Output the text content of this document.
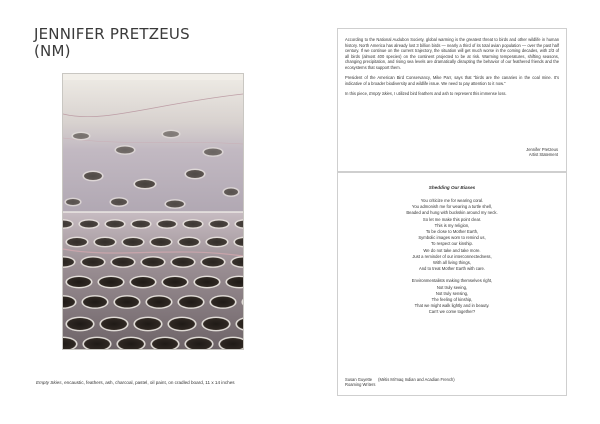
JENNIFER PRETZEUS
(NM)
Empty Skies, encaustic, feathers, ash, charcoal, pastel, oil paint, on cradled board, 11 x 14 inches

According to the National Audubon Society, global warming is the greatest threat to birds and other wildlife in human history. North America has already lost 3 billion birds — nearly a third of its total avian population — over the past half century. If we continue on the current trajectory, the situation will get much worse in the coming decades, with 2/3 of all birds (almost 400 species) on the continent projected to be at risk. Warming temperatures, shifting seasons, changing precipitation, and rising sea levels are dramatically disrupting the behavior of our feathered friends and the ecosystems that support them.

President of the American Bird Conservancy, Mike Parr, says that "birds are the canaries in the coal mine. It's indicative of a broader biodiversity and wildlife issue. We need to pay attention to it now."

In this piece, Empty Skies, I utilized bird feathers and ash to represent this immense loss.

Jennifer Pretzeus
Artist Statement
Shedding Our Biases
You criticize me for wearing coral.
You admonish me for wearing a turtle shell,
Beaded and hung with buckskin around my neck.
So let me make this point clear.
This is my religion,
To be close to Mother Earth,
Symbolic images worn to remind us,
To respect our kinship.
We do not take and take more.
Just a reminder of our interconnectedness,
With all living things,
And to treat Mother Earth with care.
Environmentalists making themselves right,
Not truly seeing,
Not truly sensing,
The feeling of kinship,
That we might walk lightly and in beauty.
Can't we come together?
Susan Guyette (Métis Mi'maq Indian and Acadian French)
Roaming Writers
